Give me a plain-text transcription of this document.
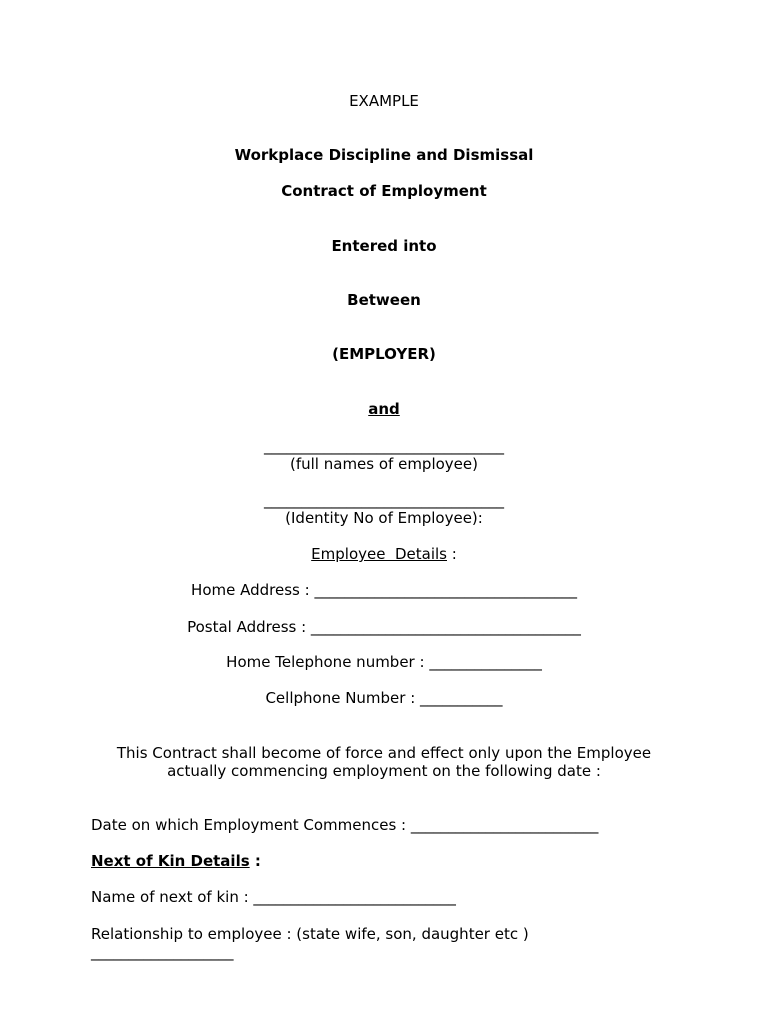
EXAMPLE
Workplace Discipline and Dismissal
Contract of Employment
Entered into
Between
(EMPLOYER)
and
________________________________
(full names of employee)
________________________________
(Identity No of Employee):
Employee  Details :
Home Address : ___________________________________
Postal Address : ____________________________________
Home Telephone number : _______________
Cellphone Number : ___________
This Contract shall become of force and effect only upon the Employee
actually commencing employment on the following date :
Date on which Employment Commences : _________________________
Next of Kin Details :
Name of next of kin : ___________________________
Relationship to employee : (state wife, son, daughter etc )
___________________
